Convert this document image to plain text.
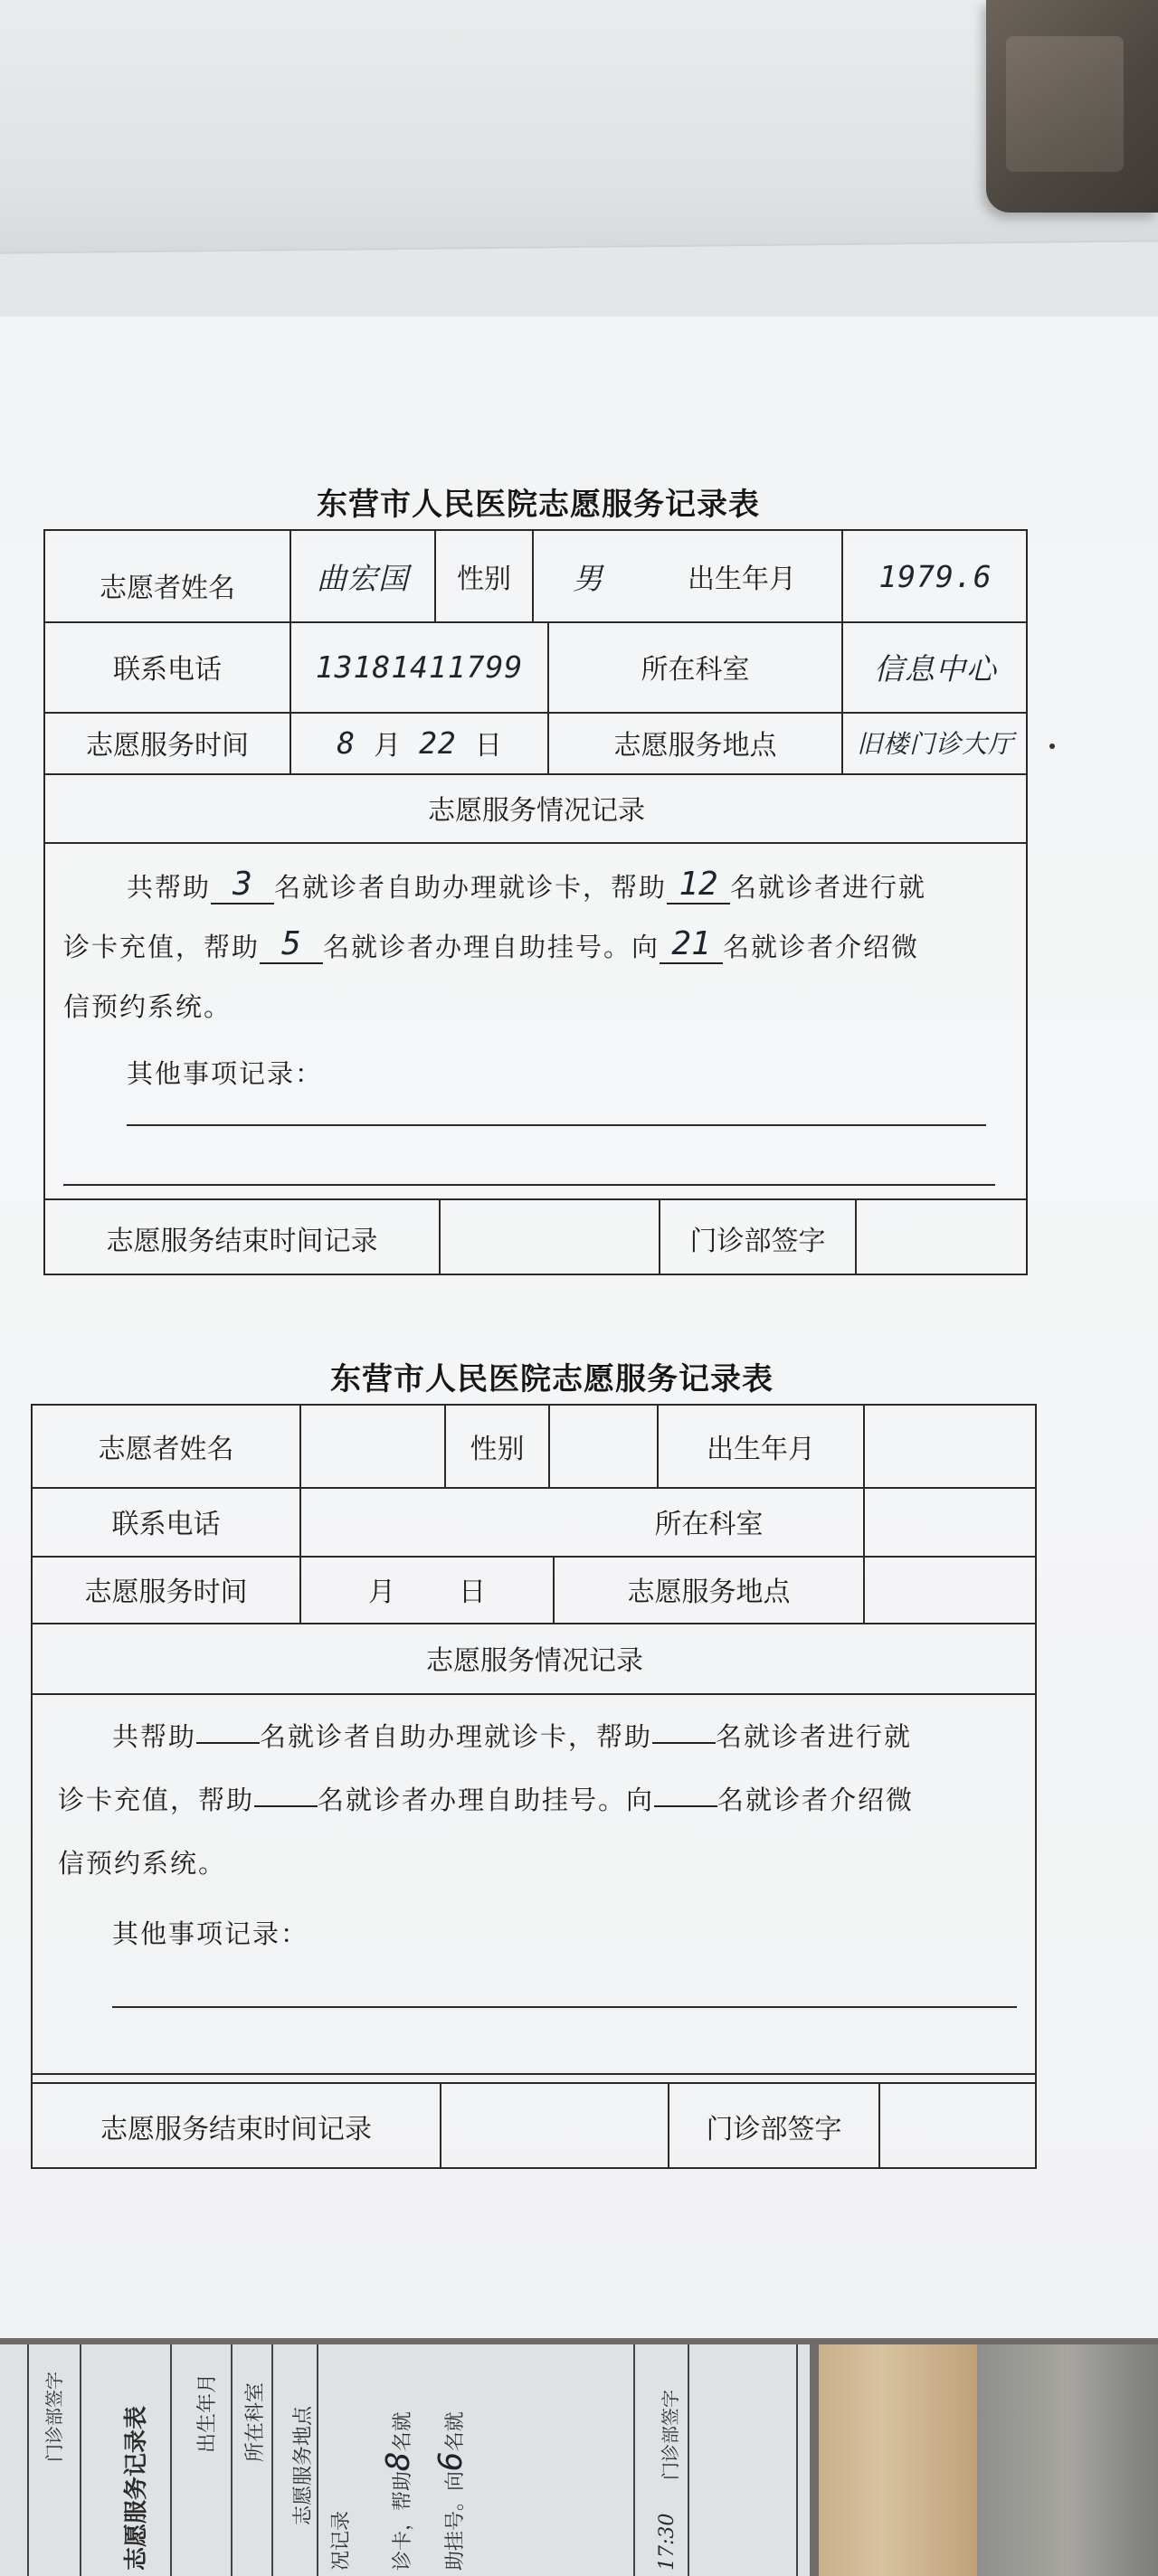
东营市人民医院志愿服务记录表
志愿者姓名	曲宏国	性别	男	出生年月	1979.6
联系电话	13181411799	所在科室	信息中心
志愿服务时间	8 月 22 日	志愿服务地点	旧楼门诊大厅
志愿服务情况记录
共帮助 3 名就诊者自助办理就诊卡，帮助 12 名就诊者进行就
诊卡充值，帮助 5 名就诊者办理自助挂号。向 21 名就诊者介绍微
信预约系统。
其他事项记录：
志愿服务结束时间记录	门诊部签字
东营市人民医院志愿服务记录表
志愿者姓名	性别	出生年月
联系电话	所在科室
志愿服务时间	月 日	志愿服务地点
志愿服务情况记录
共帮助 名就诊者自助办理就诊卡，帮助 名就诊者进行就
诊卡充值，帮助 名就诊者办理自助挂号。向 名就诊者介绍微
信预约系统。
其他事项记录：
志愿服务结束时间记录	门诊部签字
门诊部签字 志愿服务记录表 出生年月 所在科室 志愿服务地点
况记录	诊卡，帮助8名就
助挂号。向6名就	门诊部签字
17:30
